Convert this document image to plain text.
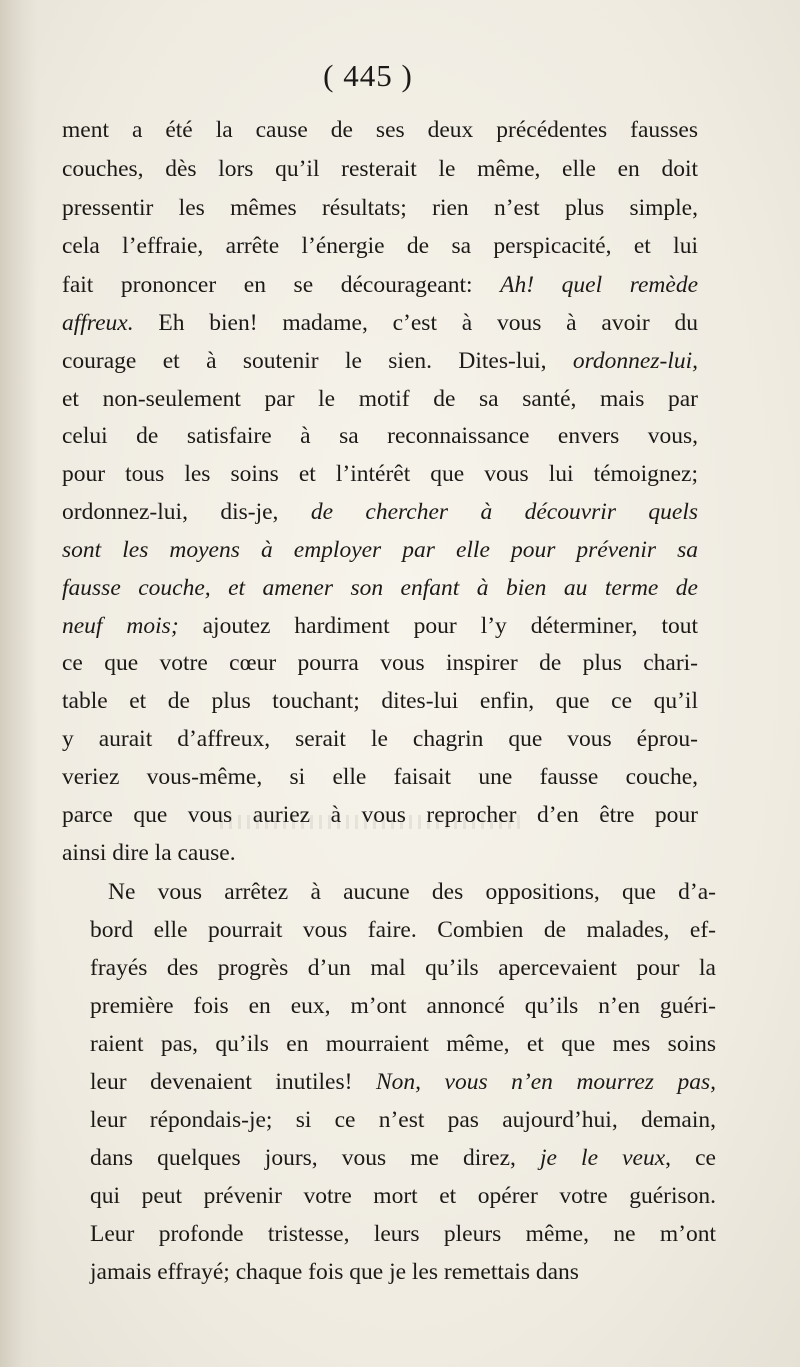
( 445 )
ment a été la cause de ses deux précédentes fausses
couches, dès lors qu’il resterait le même, elle en doit
pressentir les mêmes résultats; rien n’est plus simple,
cela l’effraie, arrête l’énergie de sa perspicacité, et lui
fait prononcer en se décourageant: Ah! quel remède
affreux. Eh bien! madame, c’est à vous à avoir du
courage et à soutenir le sien. Dites-lui, ordonnez-lui,
et non-seulement par le motif de sa santé, mais par
celui de satisfaire à sa reconnaissance envers vous,
pour tous les soins et l’intérêt que vous lui témoignez;
ordonnez-lui, dis-je, de chercher à découvrir quels
sont les moyens à employer par elle pour prévenir sa
fausse couche, et amener son enfant à bien au terme de
neuf mois; ajoutez hardiment pour l’y déterminer, tout
ce que votre cœur pourra vous inspirer de plus chari-
table et de plus touchant; dites-lui enfin, que ce qu’il
y aurait d’affreux, serait le chagrin que vous éprou-
veriez vous-même, si elle faisait une fausse couche,
parce que vous auriez à vous reprocher d’en être pour
ainsi dire la cause.
Ne vous arrêtez à aucune des oppositions, que d’a-
bord elle pourrait vous faire. Combien de malades, ef-
frayés des progrès d’un mal qu’ils apercevaient pour la
première fois en eux, m’ont annoncé qu’ils n’en guéri-
raient pas, qu’ils en mourraient même, et que mes soins
leur devenaient inutiles! Non, vous n’en mourrez pas,
leur répondais-je; si ce n’est pas aujourd’hui, demain,
dans quelques jours, vous me direz, je le veux, ce
qui peut prévenir votre mort et opérer votre guérison.
Leur profonde tristesse, leurs pleurs même, ne m’ont
jamais effrayé; chaque fois que je les remettais dans
